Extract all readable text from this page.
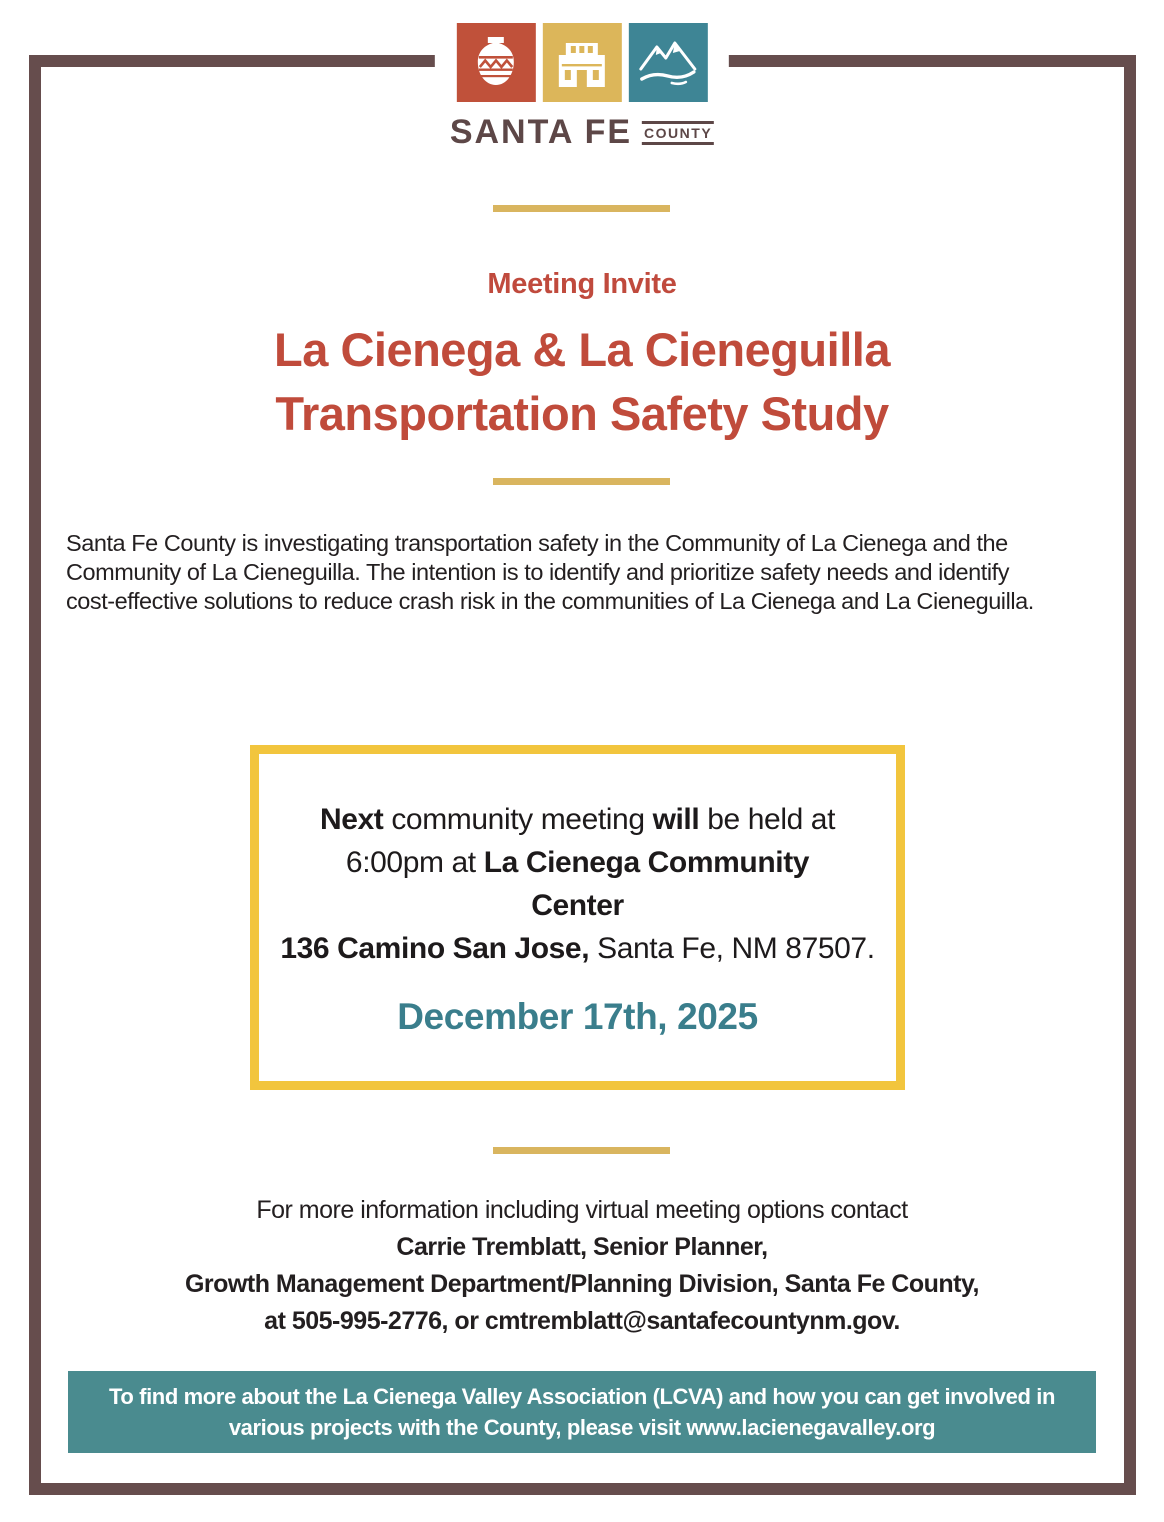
SANTA FE COUNTY
Meeting Invite
La Cienega & La Cieneguilla
Transportation Safety Study
Santa Fe County is investigating transportation safety in the Community of La Cienega and the
Community of La Cieneguilla. The intention is to identify and prioritize safety needs and identify
cost-effective solutions to reduce crash risk in the communities of La Cienega and La Cieneguilla.
Next community meeting will be held at
6:00pm at La Cienega Community
Center
136 Camino San Jose, Santa Fe, NM 87507.
December 17th, 2025
For more information including virtual meeting options contact
Carrie Tremblatt, Senior Planner,
Growth Management Department/Planning Division, Santa Fe County,
at 505-995-2776, or cmtremblatt@santafecountynm.gov.
To find more about the La Cienega Valley Association (LCVA) and how you can get involved in
various projects with the County, please visit www.lacienegavalley.org
